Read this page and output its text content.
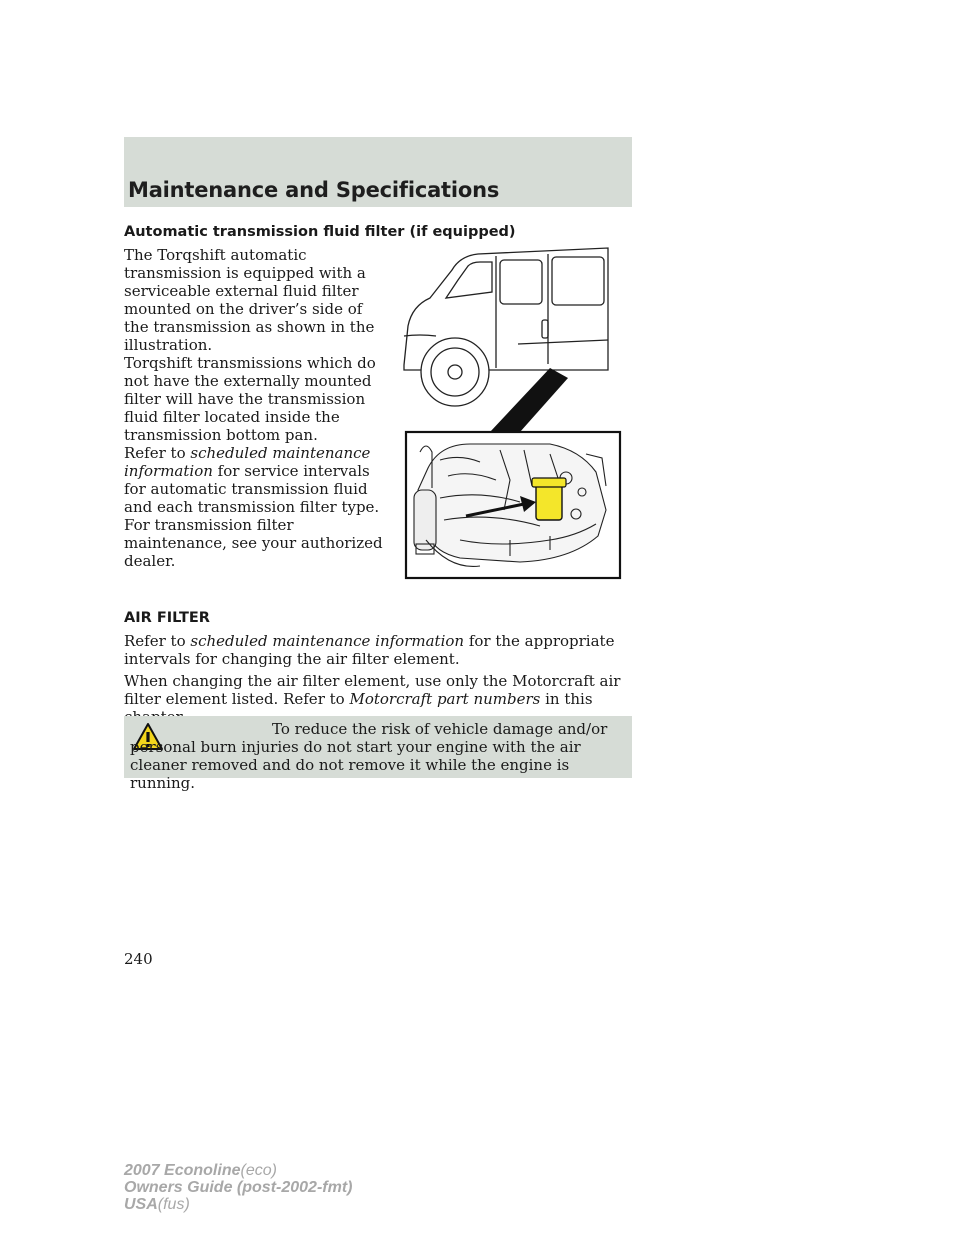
Maintenance and Specifications
Automatic transmission fluid filter (if equipped)

The Torqshift automatic transmission is equipped with a serviceable external fluid filter mounted on the driver’s side of the transmission as shown in the illustration.

Torqshift transmissions which do not have the externally mounted filter will have the transmission fluid filter located inside the transmission bottom pan.

Refer to scheduled maintenance information for service intervals for automatic transmission fluid and each transmission filter type.

For transmission filter maintenance, see your authorized dealer.

AIR FILTER

Refer to scheduled maintenance information for the appropriate intervals for changing the air filter element.

When changing the air filter element, use only the Motorcraft air filter element listed. Refer to Motorcraft part numbers in this

To reduce the risk of vehicle damage and/or personal burn injuries do not start your engine with the air cleaner removed and do not remove it while the engine is running.

240
2007 Econoline(eco)
Owners Guide (post-2002-fmt)
USA(fus)
